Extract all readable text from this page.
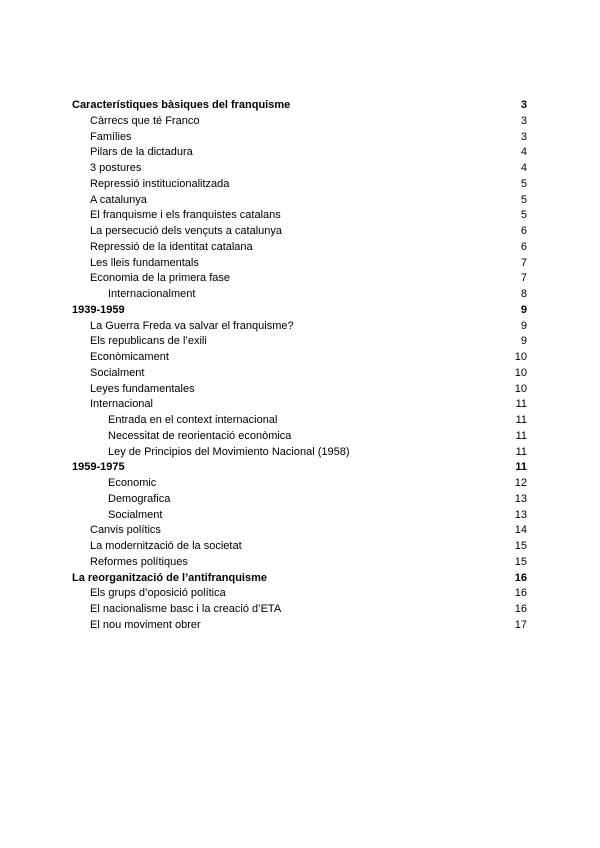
Característiques bàsiques del franquisme	3
Càrrecs que té Franco	3
Famílies	3
Pilars de la dictadura	4
3 postures	4
Repressió institucionalitzada	5
A catalunya	5
El franquisme i els franquistes catalans	5
La persecució dels vençuts a catalunya	6
Repressió de la identitat catalana	6
Les lleis fundamentals	7
Economia de la primera fase	7
Internacionalment	8
1939-1959	9
La Guerra Freda va salvar el franquisme?	9
Els republicans de l’exili	9
Econòmicament	10
Socialment	10
Leyes fundamentales	10
Internacional	11
Entrada en el context internacional	11
Necessitat de reorientació econòmica	11
Ley de Principios del Movimiento Nacional (1958)	11
1959-1975	11
Economic	12
Demografica	13
Socialment	13
Canvis polítics	14
La modernització de la societat	15
Reformes polítiques	15
La reorganització de l’antifranquisme	16
Els grups d’oposició política	16
El nacionalisme basc i la creació d’ETA	16
El nou moviment obrer	17
